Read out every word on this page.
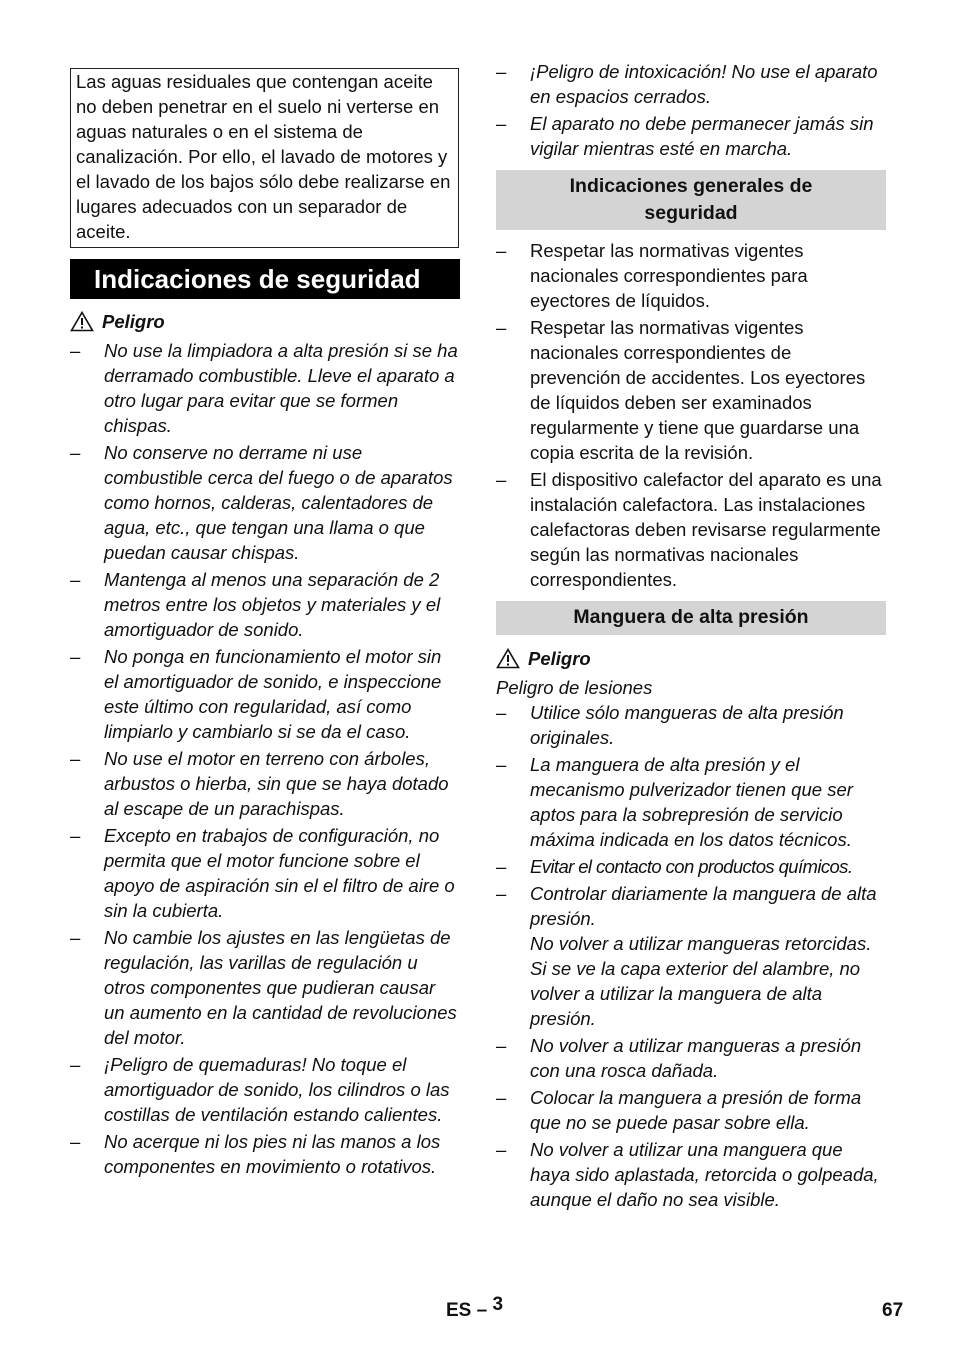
Las aguas residuales que contengan aceite no deben penetrar en el suelo ni verterse en aguas naturales o en el sistema de canalización. Por ello, el lavado de motores y el lavado de los bajos sólo debe realizarse en lugares adecuados con un separador de aceite.
Indicaciones de seguridad
Peligro
– No use la limpiadora a alta presión si se ha derramado combustible. Lleve el aparato a otro lugar para evitar que se formen chispas.
– No conserve no derrame ni use combustible cerca del fuego o de aparatos como hornos, calderas, calentadores de agua, etc., que tengan una llama o que puedan causar chispas.
– Mantenga al menos una separación de 2 metros entre los objetos y materiales y el amortiguador de sonido.
– No ponga en funcionamiento el motor sin el amortiguador de sonido, e inspeccione este último con regularidad, así como limpiarlo y cambiarlo si se da el caso.
– No use el motor en terreno con árboles, arbustos o hierba, sin que se haya dotado al escape de un parachispas.
– Excepto en trabajos de configuración, no permita que el motor funcione sobre el apoyo de aspiración sin el el filtro de aire o sin la cubierta.
– No cambie los ajustes en las lengüetas de regulación, las varillas de regulación u otros componentes que pudieran causar un aumento en la cantidad de revoluciones del motor.
– ¡Peligro de quemaduras! No toque el amortiguador de sonido, los cilindros o las costillas de ventilación estando calientes.
– No acerque ni los pies ni las manos a los componentes en movimiento o rotativos.
– ¡Peligro de intoxicación! No use el aparato en espacios cerrados.
– El aparato no debe permanecer jamás sin vigilar mientras esté en marcha.
Indicaciones generales de seguridad
– Respetar las normativas vigentes nacionales correspondientes para eyectores de líquidos.
– Respetar las normativas vigentes nacionales correspondientes de prevención de accidentes. Los eyectores de líquidos deben ser examinados regularmente y tiene que guardarse una copia escrita de la revisión.
– El dispositivo calefactor del aparato es una instalación calefactora. Las instalaciones calefactoras deben revisarse regularmente según las normativas nacionales correspondientes.
Manguera de alta presión
Peligro
Peligro de lesiones
– Utilice sólo mangueras de alta presión originales.
– La manguera de alta presión y el mecanismo pulverizador tienen que ser aptos para la sobrepresión de servicio máxima indicada en los datos técnicos.
– Evitar el contacto con productos químicos.
– Controlar diariamente la manguera de alta presión.
No volver a utilizar mangueras retorcidas.
Si se ve la capa exterior del alambre, no volver a utilizar la manguera de alta presión.
– No volver a utilizar mangueras a presión con una rosca dañada.
– Colocar la manguera a presión de forma que no se puede pasar sobre ella.
– No volver a utilizar una manguera que haya sido aplastada, retorcida o golpeada, aunque el daño no sea visible.
ES – 3	67
